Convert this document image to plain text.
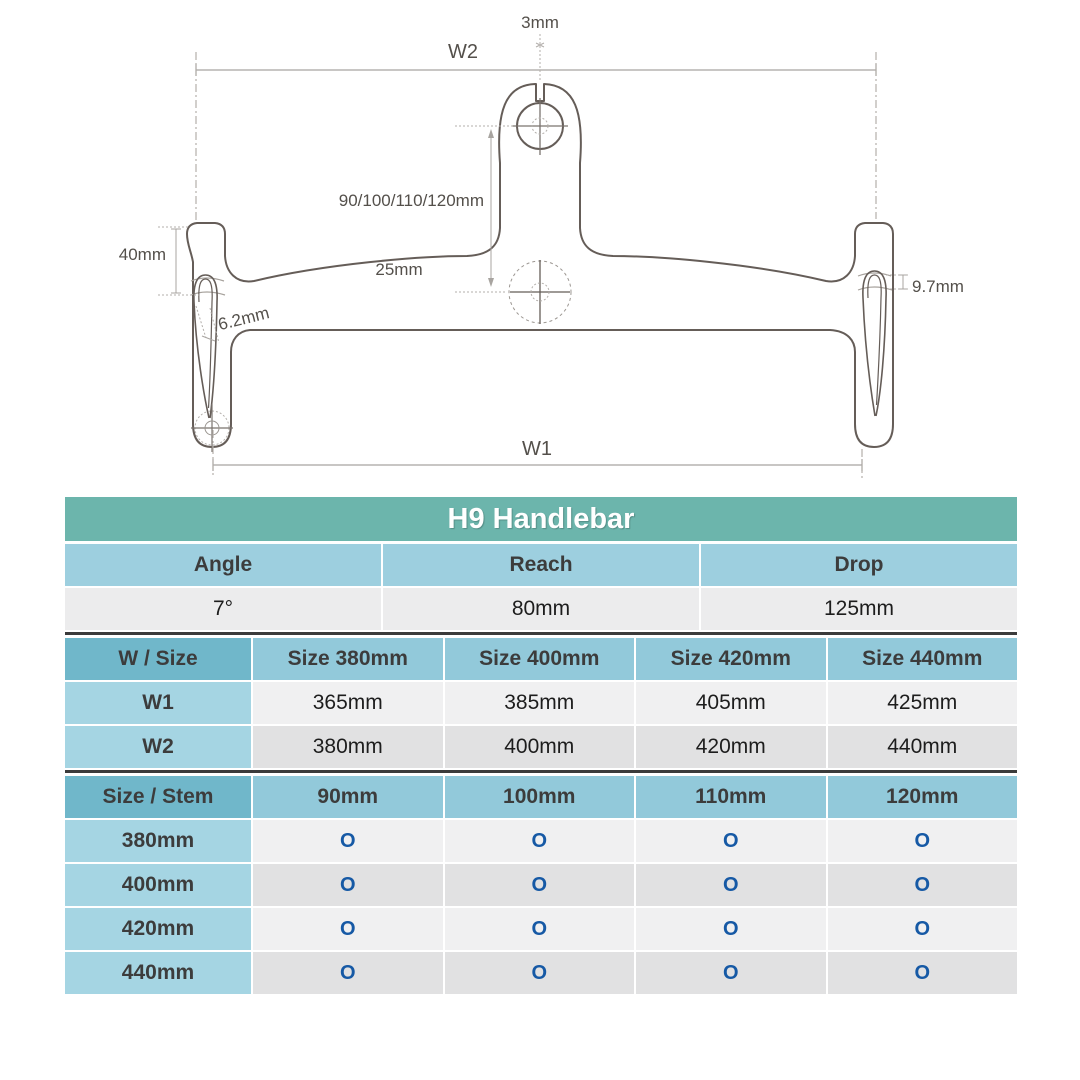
W2
3mm
90/100/110/120mm
25mm
40mm
6.2mm
9.7mm
W1
H9 Handlebar
Angle	Reach	Drop
7°	80mm	125mm
W / Size	Size 380mm	Size 400mm	Size 420mm	Size 440mm
W1	365mm	385mm	405mm	425mm
W2	380mm	400mm	420mm	440mm
Size / Stem	90mm	100mm	110mm	120mm
380mm	O	O	O	O
400mm	O	O	O	O
420mm	O	O	O	O
440mm	O	O	O	O
